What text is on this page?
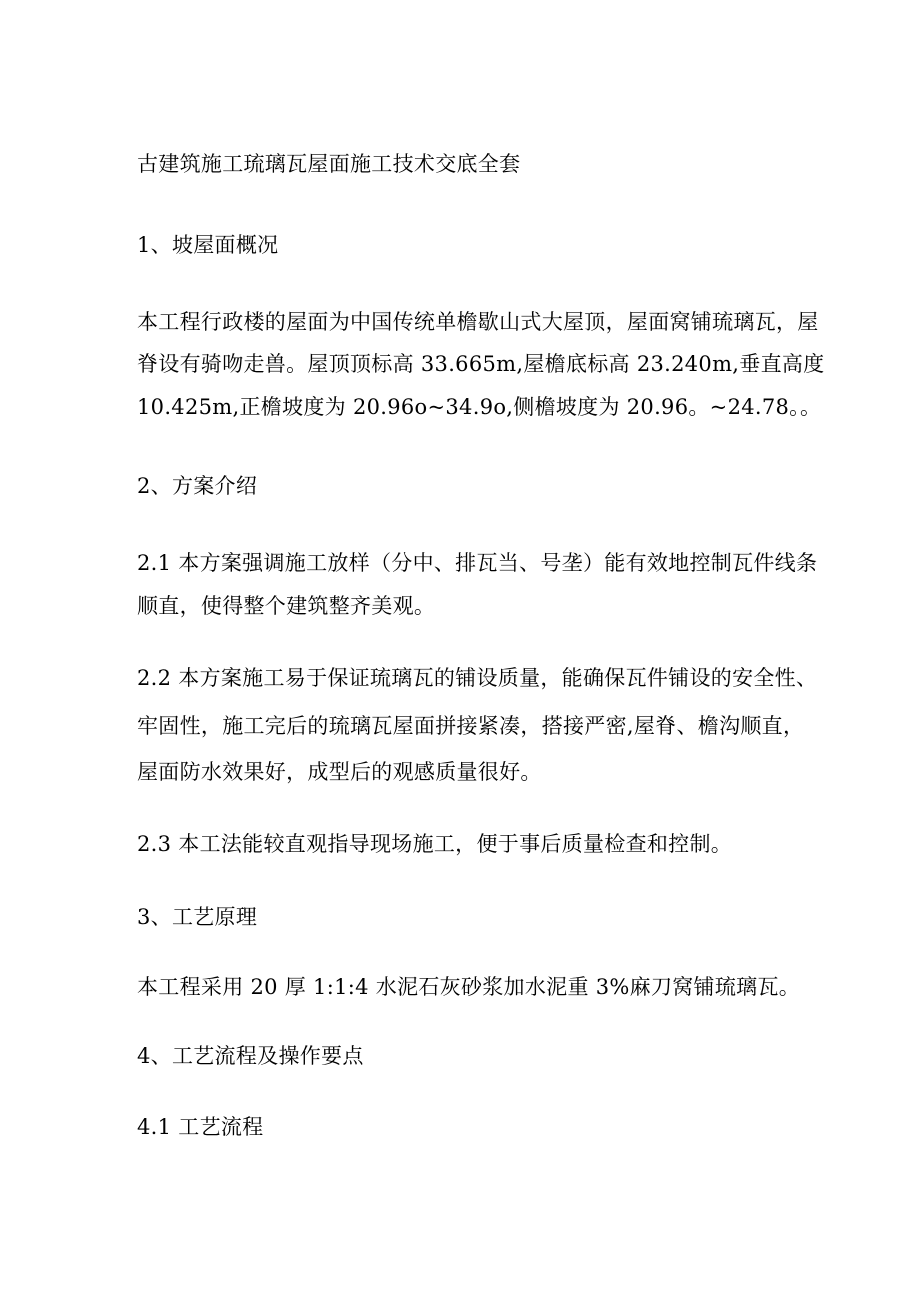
古建筑施工琉璃瓦屋面施工技术交底全套
1、坡屋面概况
本工程行政楼的屋面为中国传统单檐歇山式大屋顶，屋面窝铺琉璃瓦，屋
脊设有骑吻走兽。屋顶顶标高 33.665m,屋檐底标高 23.240m,垂直高度
10.425m,正檐坡度为 20.96o~34.9o,侧檐坡度为 20.96。~24.78。。
2、方案介绍
2.1 本方案强调施工放样（分中、排瓦当、号垄）能有效地控制瓦件线条
顺直，使得整个建筑整齐美观。
2.2 本方案施工易于保证琉璃瓦的铺设质量，能确保瓦件铺设的安全性、
牢固性，施工完后的琉璃瓦屋面拼接紧凑，搭接严密,屋脊、檐沟顺直，
屋面防水效果好，成型后的观感质量很好。
2.3 本工法能较直观指导现场施工，便于事后质量检查和控制。
3、工艺原理
本工程采用 20 厚 1:1:4 水泥石灰砂浆加水泥重 3%麻刀窝铺琉璃瓦。
4、工艺流程及操作要点
4.1 工艺流程
